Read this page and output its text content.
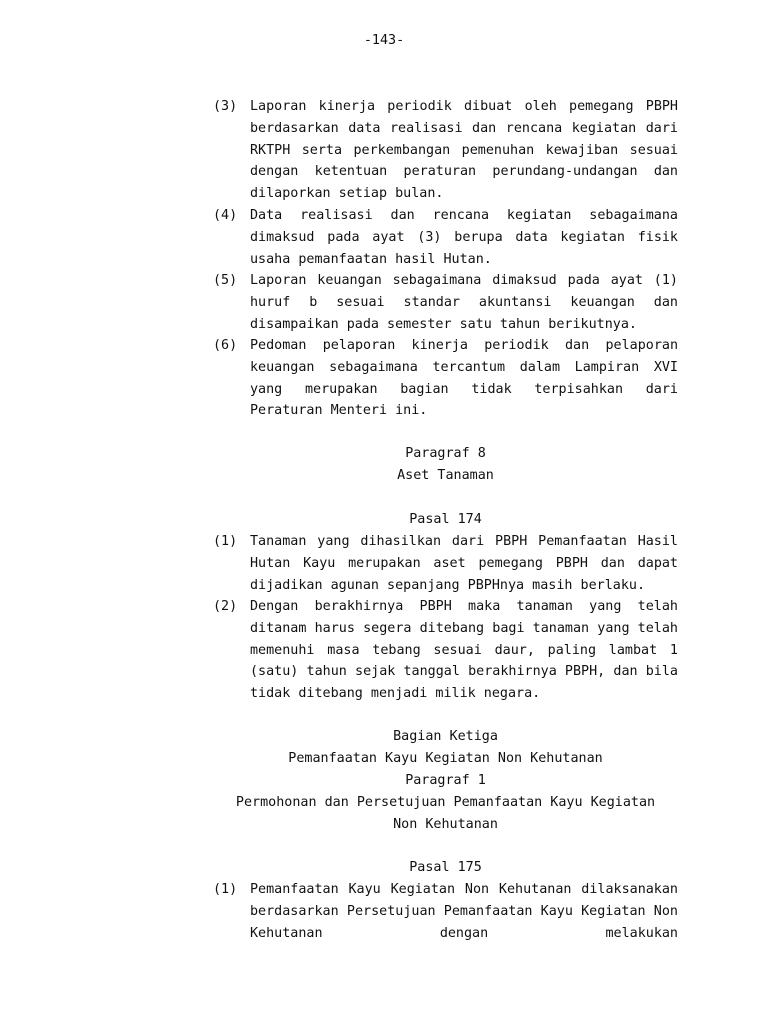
-143-
(3) Laporan kinerja periodik dibuat oleh pemegang PBPH berdasarkan data realisasi dan rencana kegiatan dari RKTPH serta perkembangan pemenuhan kewajiban sesuai dengan ketentuan peraturan perundang-undangan dan dilaporkan setiap bulan.
(4) Data realisasi dan rencana kegiatan sebagaimana dimaksud pada ayat (3) berupa data kegiatan fisik usaha pemanfaatan hasil Hutan.
(5) Laporan keuangan sebagaimana dimaksud pada ayat (1) huruf b sesuai standar akuntansi keuangan dan disampaikan pada semester satu tahun berikutnya.
(6) Pedoman pelaporan kinerja periodik dan pelaporan keuangan sebagaimana tercantum dalam Lampiran XVI yang merupakan bagian tidak terpisahkan dari Peraturan Menteri ini.
Paragraf 8
Aset Tanaman
Pasal 174
(1) Tanaman yang dihasilkan dari PBPH Pemanfaatan Hasil Hutan Kayu merupakan aset pemegang PBPH dan dapat dijadikan agunan sepanjang PBPHnya masih berlaku.
(2) Dengan berakhirnya PBPH maka tanaman yang telah ditanam harus segera ditebang bagi tanaman yang telah memenuhi masa tebang sesuai daur, paling lambat 1 (satu) tahun sejak tanggal berakhirnya PBPH, dan bila tidak ditebang menjadi milik negara.
Bagian Ketiga
Pemanfaatan Kayu Kegiatan Non Kehutanan
Paragraf 1
Permohonan dan Persetujuan Pemanfaatan Kayu Kegiatan
Non Kehutanan
Pasal 175
(1) Pemanfaatan Kayu Kegiatan Non Kehutanan dilaksanakan berdasarkan Persetujuan Pemanfaatan Kayu Kegiatan Non Kehutanan dengan melakukan
